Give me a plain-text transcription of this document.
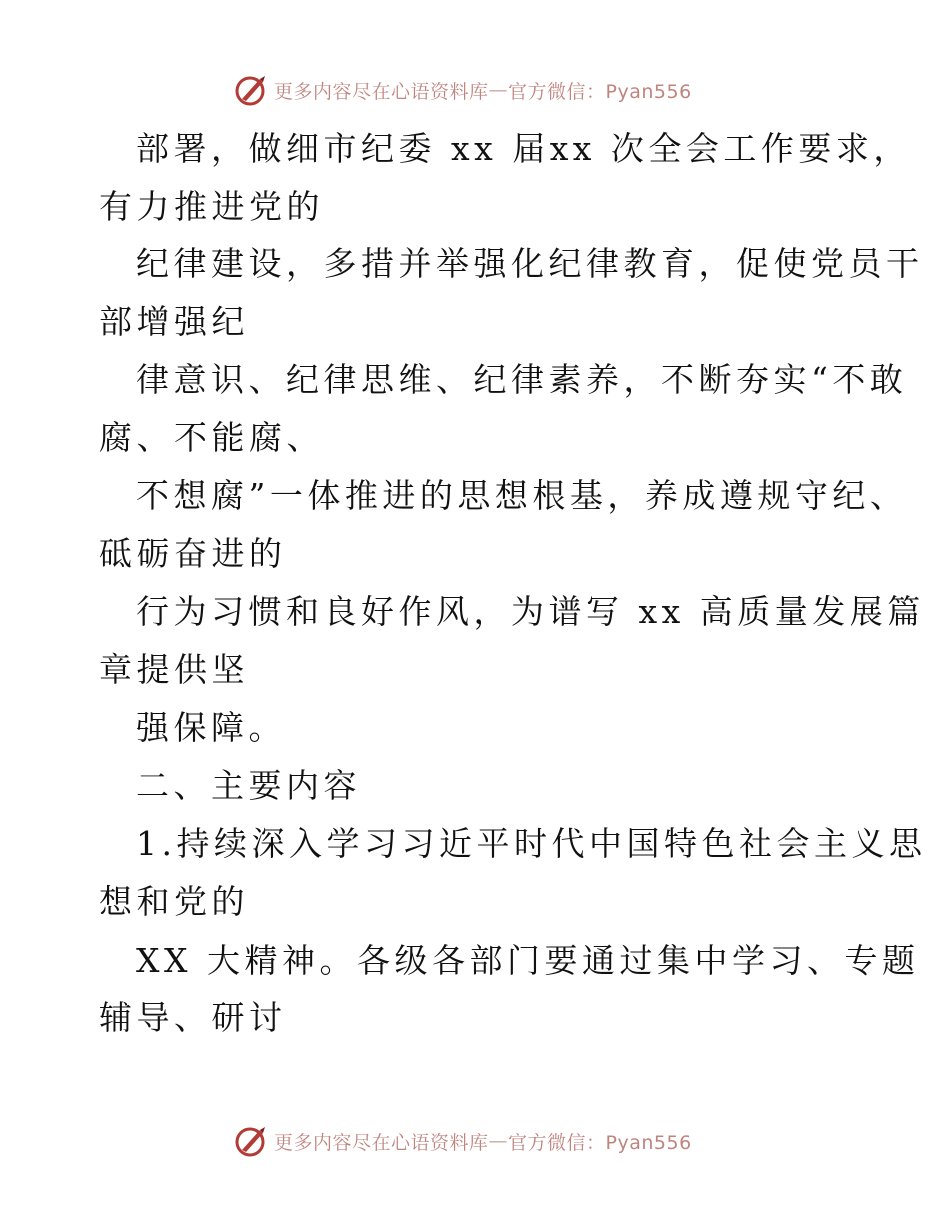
更多内容尽在心语资料库 — 官方微信：Pyan556
部署，做细市纪委 xx 届xx 次全会工作要求，
有力推进党的
纪律建设，多措并举强化纪律教育，促使党员干
部增强纪
律意识、纪律思维、纪律素养，不断夯实“不敢
腐、不能腐、
不想腐”一体推进的思想根基，养成遵规守纪、
砥砺奋进的
行为习惯和良好作风，为谱写 xx 高质量发展篇
章提供坚
强保障。
二、主要内容
1.持续深入学习习近平时代中国特色社会主义思
想和党的
XX 大精神。各级各部门要通过集中学习、专题
辅导、研讨
更多内容尽在心语资料库 — 官方微信：Pyan556
